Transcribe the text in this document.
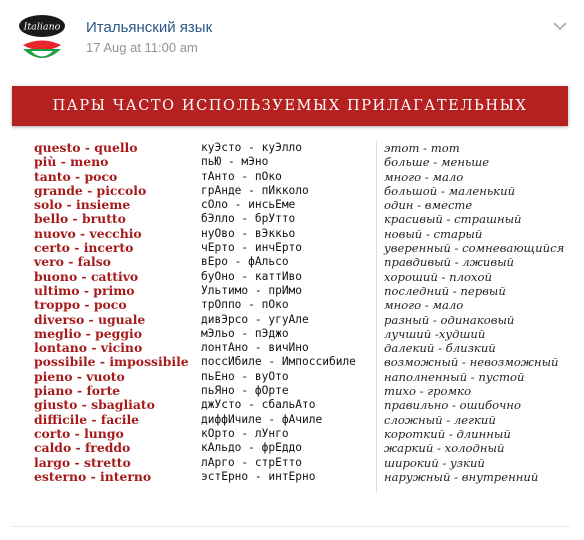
Italiano Итальянский язык
17 Aug at 11:00 am
ПАРЫ ЧАСТО ИСПОЛЬЗУЕМЫХ ПРИЛАГАТЕЛЬНЫХ
questo - quello
più - meno
tanto - poco
grande - piccolo
solo - insieme
bello - brutto
nuovo - vecchio
certo - incerto
vero - falso
buono - cattivo
ultimo - primo
troppo - poco
diverso - uguale
meglio - peggio
lontano - vicino
possibile - impossibile
pieno - vuoto
piano - forte
giusto - sbagliato
difficile - facile
corto - lungo
caldo - freddo
largo - stretto
esterno - interno
куЭсто - куЭлло
пьЮ - мЭно
тАнто - пОко
грАнде - пИкколо
сОло - инсьЕме
бЭлло - брУтто
нуОво - вЭккьо
чЕрто - инчЕрто
вЕро - фАльсо
буОно - каттИво
Ультимо - прИмо
трОппо - пОко
дивЭрсо - угуАле
мЭльо - пЭджо
лонтАно - вичИно
поссИбиле - Импоссибиле
пьЕно - вуОто
пьЯно - фОрте
джУсто - сбальАто
диффИчиле - фАчиле
кОрто - лУнго
кАльдо - фрЕддо
лАрго - стрЕтто
эстЕрно - интЕрно
этот - тот
больше - меньше
много - мало
большой - маленький
один - вместе
красивый - страшный
новый - старый
уверенный - сомневающийся
правдивый - лживый
хороший - плохой
последний - первый
много - мало
разный - одинаковый
лучший -худший
далекий - близкий
возможный - невозможный
наполненный - пустой
тихо - громко
правильно - ошибочно
сложный - легкий
короткий - длинный
жаркий - холодный
широкий - узкий
наружный - внутренний
